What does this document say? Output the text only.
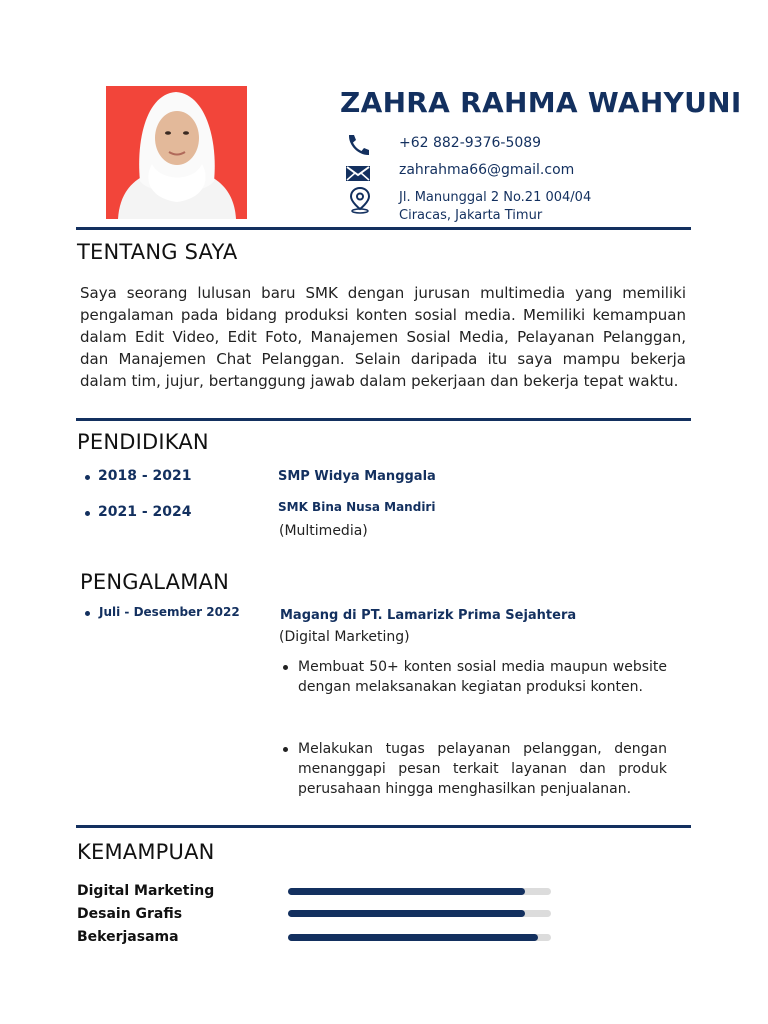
ZAHRA RAHMA WAHYUNI
+62 882-9376-5089
zahrahma66@gmail.com
Jl. Manunggal 2 No.21 004/04
Ciracas, Jakarta Timur
TENTANG SAYA
Saya seorang lulusan baru SMK dengan jurusan multimedia yang memiliki pengalaman pada bidang produksi konten sosial media. Memiliki kemampuan dalam Edit Video, Edit Foto, Manajemen Sosial Media, Pelayanan Pelanggan, dan Manajemen Chat Pelanggan. Selain daripada itu saya mampu bekerja dalam tim, jujur, bertanggung jawab dalam pekerjaan dan bekerja tepat waktu.
PENDIDIKAN
2018 - 2021	SMP Widya Manggala
2021 - 2024	SMK Bina Nusa Mandiri
(Multimedia)
PENGALAMAN
Juli - Desember 2022	Magang di PT. Lamarizk Prima Sejahtera
(Digital Marketing)
Membuat 50+ konten sosial media maupun website dengan melaksanakan kegiatan produksi konten.
Melakukan tugas pelayanan pelanggan, dengan menanggapi pesan terkait layanan dan produk perusahaan hingga menghasilkan penjualanan.
KEMAMPUAN
Digital Marketing
Desain Grafis
Bekerjasama
